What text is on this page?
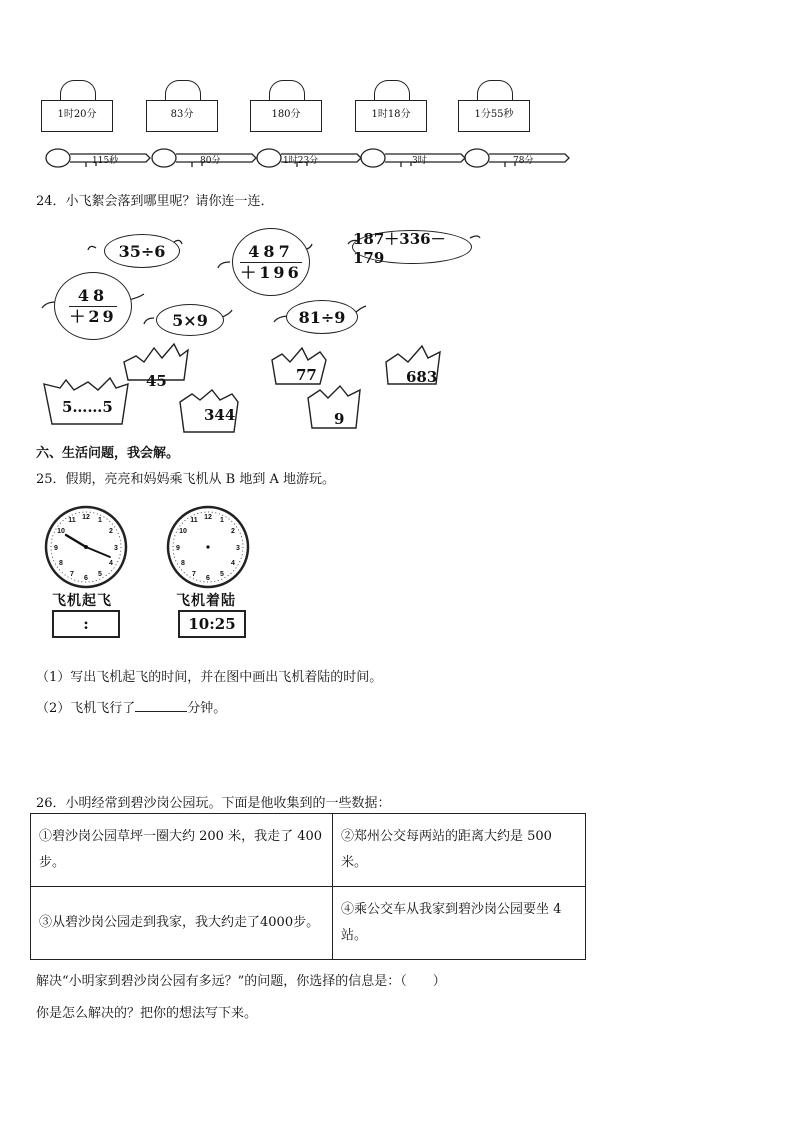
1时20分	83分	180分	1时18分	1分55秒
115秒	80分	1时23分	3时	78分
24．小飞絮会落到哪里呢？请你连一连．
35÷6	487
＋196
187＋336－179
48
＋29	5×9	81÷9
45
5……5	344
77
9
683
六、生活问题，我会解。
25．假期，亮亮和妈妈乘飞机从 B 地到 A 地游玩。
12 1
2
3
4
5
6
7
8
9
10
11	12 1
2
3
4
5
6
7
8
9
10
11
飞机起飞
:
飞机着陆
10:25
（1）写出飞机起飞的时间，并在图中画出飞机着陆的时间。
（2）飞机飞行了	分钟。
26．小明经常到碧沙岗公园玩。下面是他收集到的一些数据：
①碧沙岗公园草坪一圈大约 200 米，我走了 400 步。	②郑州公交每两站的距离大约是 500米。
③从碧沙岗公园走到我家，我大约走了4000步。	④乘公交车从我家到碧沙岗公园要坐 4 站。
解决“小明家到碧沙岗公园有多远？”的问题，你选择的信息是：（　　）
你是怎么解决的？把你的想法写下来。
